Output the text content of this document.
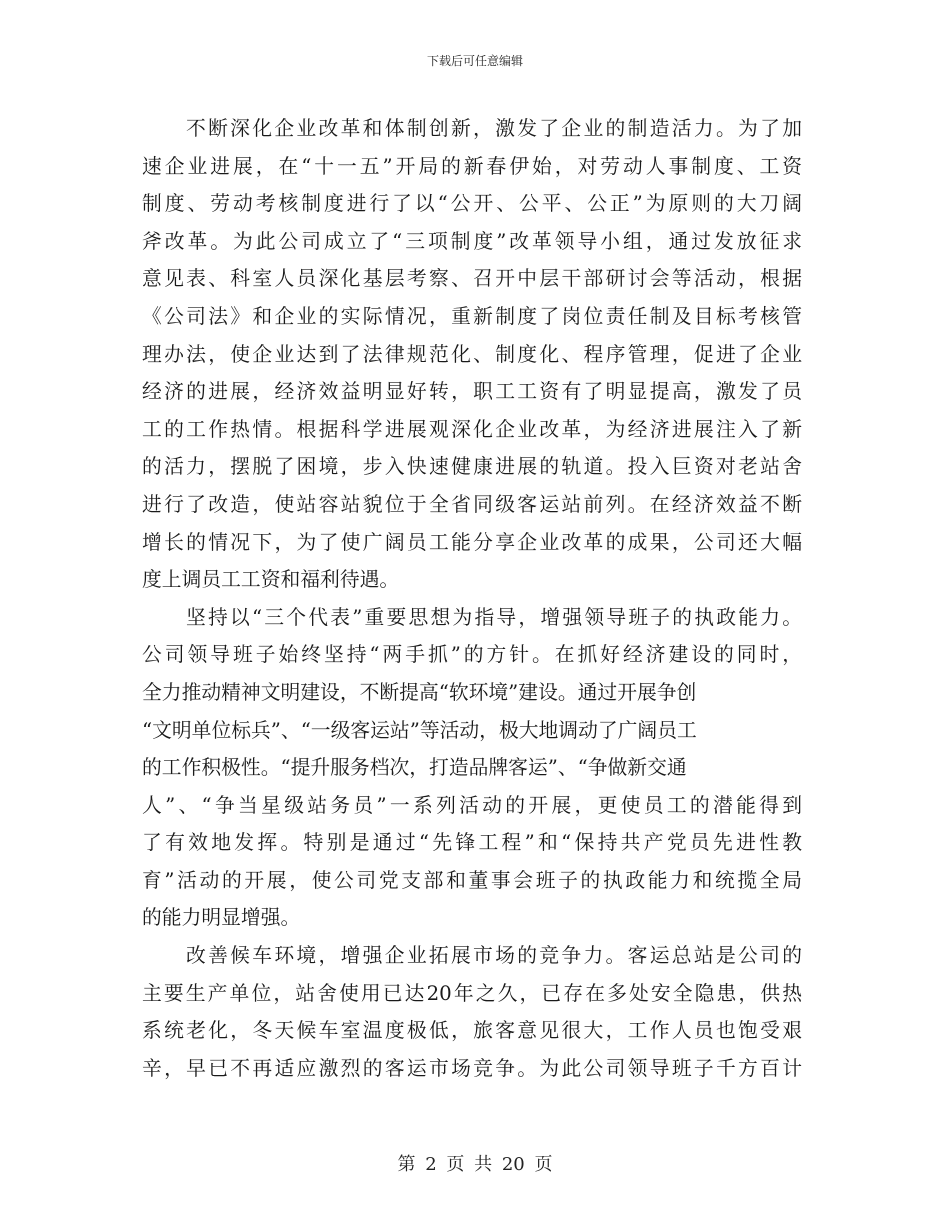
下载后可任意编辑
不断深化企业改革和体制创新，激发了企业的制造活力。为了加
速企业进展，在“十一五”开局的新春伊始，对劳动人事制度、工资
制度、劳动考核制度进行了以“公开、公平、公正”为原则的大刀阔
斧改革。为此公司成立了“三项制度”改革领导小组，通过发放征求
意见表、科室人员深化基层考察、召开中层干部研讨会等活动，根据
《公司法》和企业的实际情况，重新制度了岗位责任制及目标考核管
理办法，使企业达到了法律规范化、制度化、程序管理，促进了企业
经济的进展，经济效益明显好转，职工工资有了明显提高，激发了员
工的工作热情。根据科学进展观深化企业改革，为经济进展注入了新
的活力，摆脱了困境，步入快速健康进展的轨道。投入巨资对老站舍
进行了改造，使站容站貌位于全省同级客运站前列。在经济效益不断
增长的情况下，为了使广阔员工能分享企业改革的成果，公司还大幅
度上调员工工资和福利待遇。
坚持以“三个代表”重要思想为指导，增强领导班子的执政能力。
公司领导班子始终坚持“两手抓”的方针。在抓好经济建设的同时，
全力推动精神文明建设，不断提高“软环境”建设。通过开展争创
“文明单位标兵”、“一级客运站”等活动，极大地调动了广阔员工
的工作积极性。“提升服务档次，打造品牌客运”、“争做新交通
人”、“争当星级站务员”一系列活动的开展，更使员工的潜能得到
了有效地发挥。特别是通过“先锋工程”和“保持共产党员先进性教
育”活动的开展，使公司党支部和董事会班子的执政能力和统揽全局
的能力明显增强。
改善候车环境，增强企业拓展市场的竞争力。客运总站是公司的
主要生产单位，站舍使用已达20年之久，已存在多处安全隐患，供热
系统老化，冬天候车室温度极低，旅客意见很大，工作人员也饱受艰
辛，早已不再适应激烈的客运市场竞争。为此公司领导班子千方百计
第 2 页 共 20 页
